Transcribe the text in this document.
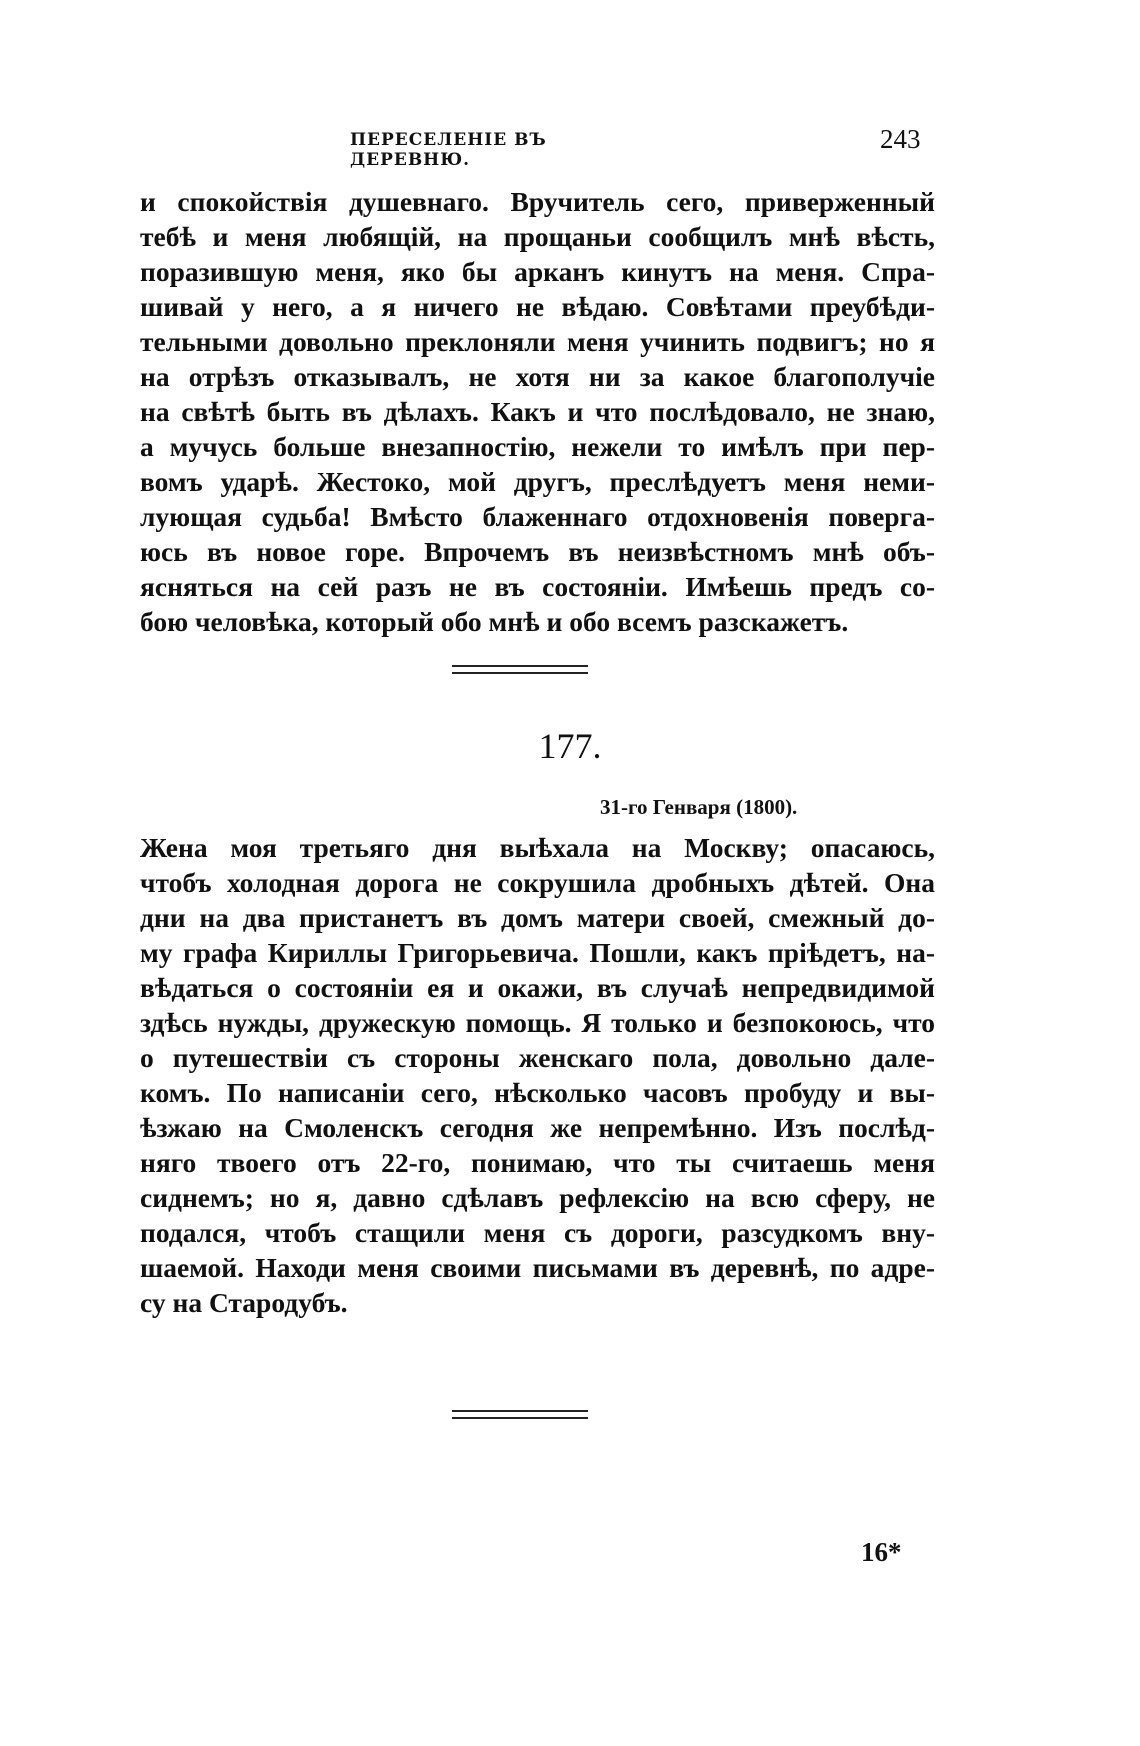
ПЕРЕСЕЛЕНІЕ ВЪ ДЕРЕВНЮ.
243
и спокойствія душевнаго. Вручитель сего, приверженный
тебѣ и меня любящій, на прощаньи сообщилъ мнѣ вѣсть,
поразившую меня, яко бы арканъ кинутъ на меня. Спра-
шивай у него, а я ничего не вѣдаю. Совѣтами преубѣди-
тельными довольно преклоняли меня учинить подвигъ; но я
на отрѣзъ отказывалъ, не хотя ни за какое благополучіе
на свѣтѣ быть въ дѣлахъ. Какъ и что послѣдовало, не знаю,
а мучусь больше внезапностію, нежели то имѣлъ при пер-
вомъ ударѣ. Жестоко, мой другъ, преслѣдуетъ меня неми-
лующая судьба! Вмѣсто блаженнаго отдохновенія поверга-
юсь въ новое горе. Впрочемъ въ неизвѣстномъ мнѣ объ-
ясняться на сей разъ не въ состояніи. Имѣешь предъ со-
бою человѣка, который обо мнѣ и обо всемъ разскажетъ.
177.
31-го Генваря (1800).
Жена моя третьяго дня выѣхала на Москву; опасаюсь,
чтобъ холодная дорога не сокрушила дробныхъ дѣтей. Она
дни на два пристанетъ въ домъ матери своей, смежный до-
му графа Кириллы Григорьевича. Пошли, какъ пріѣдетъ, на-
вѣдаться о состояніи ея и окажи, въ случаѣ непредвидимой
здѣсь нужды, дружескую помощь. Я только и безпокоюсь, что
о путешествіи съ стороны женскаго пола, довольно дале-
комъ. По написаніи сего, нѣсколько часовъ пробуду и вы-
ѣзжаю на Смоленскъ сегодня же непремѣнно. Изъ послѣд-
няго твоего отъ 22-го, понимаю, что ты считаешь меня
сиднемъ; но я, давно сдѣлавъ рефлексію на всю сферу, не
подался, чтобъ стащили меня съ дороги, разсудкомъ вну-
шаемой. Находи меня своими письмами въ деревнѣ, по адре-
су на Стародубъ.
16*
